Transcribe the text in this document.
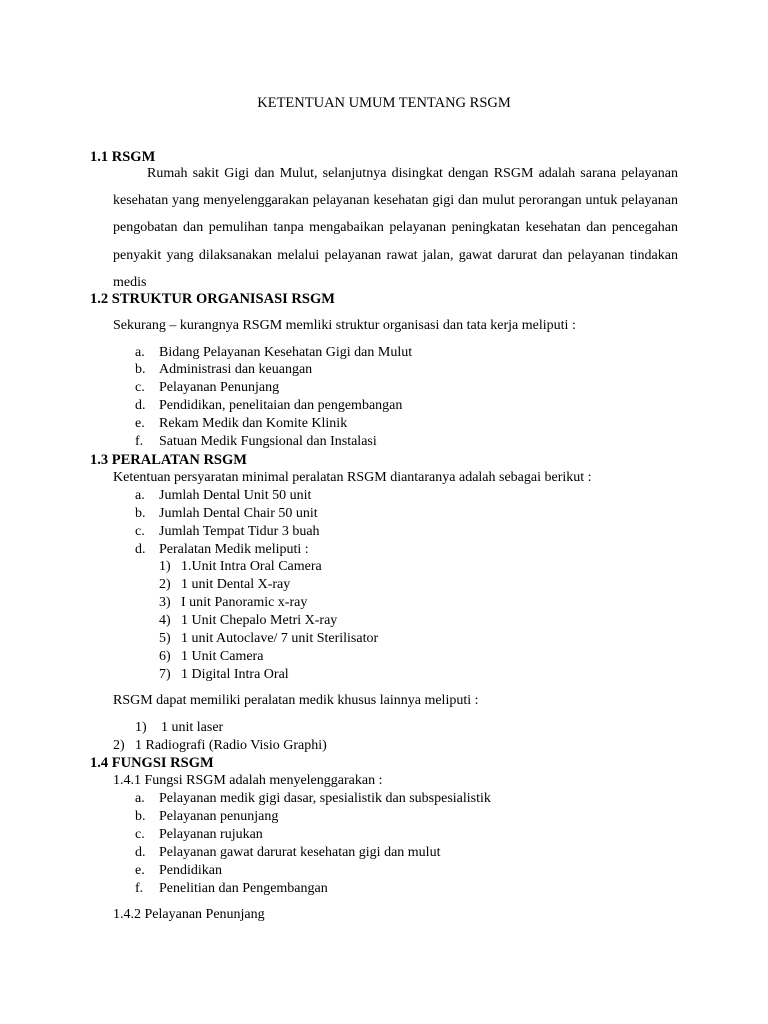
KETENTUAN UMUM TENTANG RSGM
1.1 RSGM
Rumah sakit Gigi dan Mulut, selanjutnya disingkat dengan RSGM adalah sarana pelayanan kesehatan yang menyelenggarakan pelayanan kesehatan gigi dan mulut perorangan untuk pelayanan pengobatan dan pemulihan tanpa mengabaikan pelayanan peningkatan kesehatan dan pencegahan penyakit yang dilaksanakan melalui pelayanan rawat jalan, gawat darurat dan pelayanan tindakan medis
1.2 STRUKTUR ORGANISASI RSGM
Sekurang – kurangnya RSGM memliki struktur organisasi dan tata kerja meliputi :
a. Bidang Pelayanan Kesehatan Gigi dan Mulut
b. Administrasi dan keuangan
c. Pelayanan Penunjang
d. Pendidikan, penelitaian dan pengembangan
e. Rekam Medik dan Komite Klinik
f. Satuan Medik Fungsional dan Instalasi
1.3 PERALATAN RSGM
Ketentuan persyaratan minimal peralatan RSGM diantaranya adalah sebagai berikut :
a. Jumlah Dental Unit 50 unit
b. Jumlah Dental Chair 50 unit
c. Jumlah Tempat Tidur 3 buah
d. Peralatan Medik meliputi :
1) 1.Unit Intra Oral Camera
2) 1 unit Dental X-ray
3) I unit Panoramic x-ray
4) 1 Unit Chepalo Metri X-ray
5) 1 unit Autoclave/ 7 unit Sterilisator
6) 1 Unit Camera
7) 1 Digital Intra Oral
RSGM dapat memiliki peralatan medik khusus lainnya meliputi :
1) 1 unit laser
2) 1 Radiografi (Radio Visio Graphi)
1.4 FUNGSI RSGM
1.4.1 Fungsi RSGM adalah menyelenggarakan :
a. Pelayanan medik gigi dasar, spesialistik dan subspesialistik
b. Pelayanan penunjang
c. Pelayanan rujukan
d. Pelayanan gawat darurat kesehatan gigi dan mulut
e. Pendidikan
f. Penelitian dan Pengembangan
1.4.2 Pelayanan Penunjang
